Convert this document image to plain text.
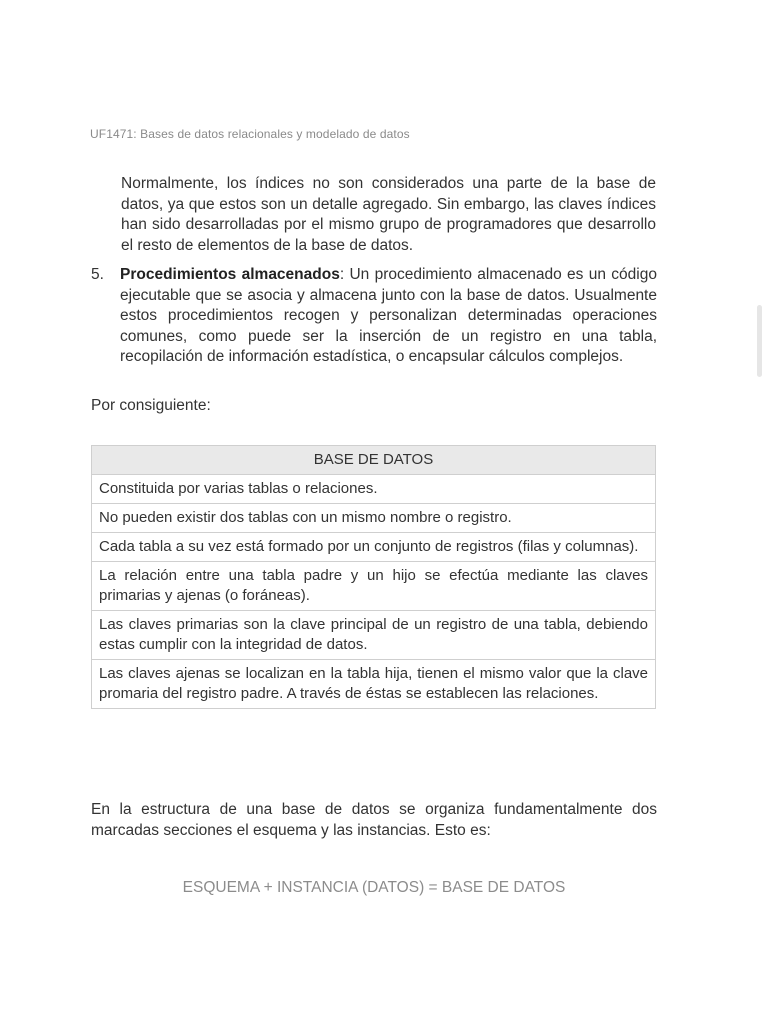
UF1471: Bases de datos relacionales y modelado de datos

Normalmente, los índices no son considerados una parte de la base de datos, ya que estos son un detalle agregado. Sin embargo, las claves índices han sido desarrolladas por el mismo grupo de programadores que desarrollo el resto de elementos de la base de datos.

5. Procedimientos almacenados: Un procedimiento almacenado es un código ejecutable que se asocia y almacena junto con la base de datos. Usualmente estos procedimientos recogen y personalizan determinadas operaciones comunes, como puede ser la inserción de un registro en una tabla, recopilación de información estadística, o encapsular cálculos complejos.

Por consiguiente:

BASE DE DATOS
Constituida por varias tablas o relaciones.
No pueden existir dos tablas con un mismo nombre o registro.
Cada tabla a su vez está formado por un conjunto de registros (filas y columnas).
La relación entre una tabla padre y un hijo se efectúa mediante las claves primarias y ajenas (o foráneas).
Las claves primarias son la clave principal de un registro de una tabla, debiendo estas cumplir con la integridad de datos.
Las claves ajenas se localizan en la tabla hija, tienen el mismo valor que la clave promaria del registro padre. A través de éstas se establecen las relaciones.

En la estructura de una base de datos se organiza fundamentalmente dos marcadas secciones el esquema y las instancias. Esto es:

ESQUEMA + INSTANCIA (DATOS) = BASE DE DATOS
